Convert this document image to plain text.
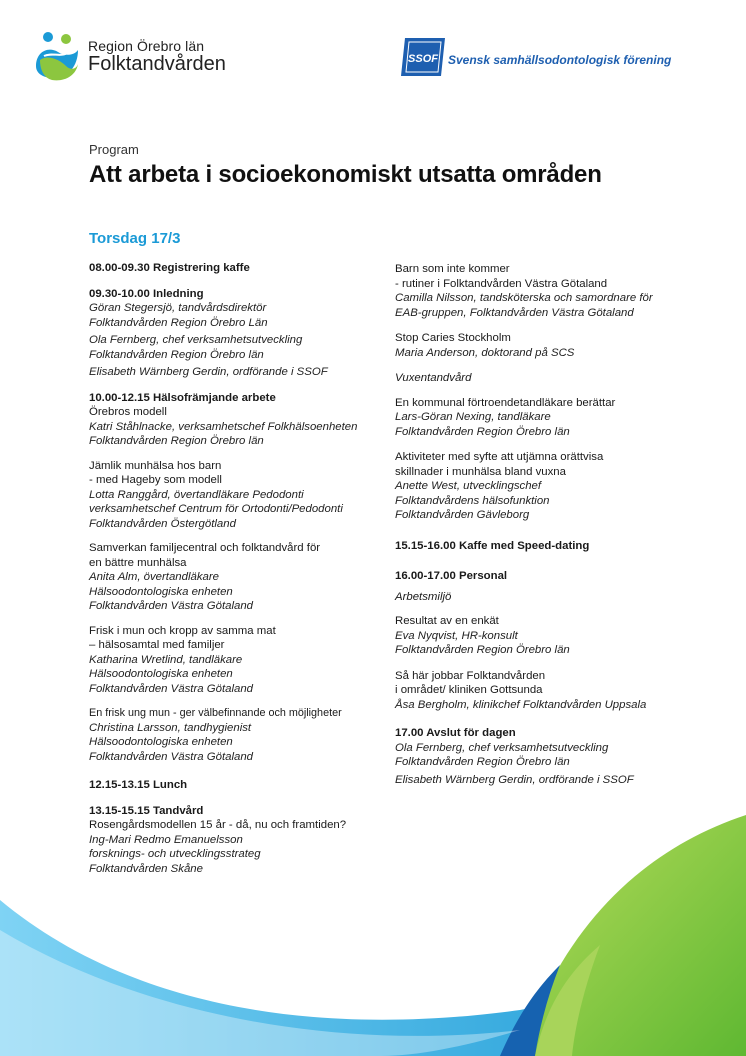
Region Örebro län
Folktandvården	SSOF Svensk samhällsodontologisk förening

Program

Att arbeta i socioekonomiskt utsatta områden
Torsdag 17/3
08.00-09.30 Registrering kaffe
09.30-10.00 Inledning
Göran Stegersjö, tandvårdsdirektör
Folktandvården Region Örebro Län
Ola Fernberg, chef verksamhetsutveckling
Folktandvården Region Örebro län
Elisabeth Wärnberg Gerdin, ordförande i SSOF
10.00-12.15 Hälsofrämjande arbete
Örebros modell
Katri Ståhlnacke, verksamhetschef Folkhälsoenheten
Folktandvården Region Örebro län
Jämlik munhälsa hos barn
- med Hageby som modell
Lotta Ranggård, övertandläkare Pedodonti
verksamhetschef Centrum för Ortodonti/Pedodonti
Folktandvården Östergötland
Samverkan familjecentral och folktandvård för
en bättre munhälsa
Anita Alm, övertandläkare
Hälsoodontologiska enheten
Folktandvården Västra Götaland
Frisk i mun och kropp av samma mat
– hälsosamtal med familjer
Katharina Wretlind, tandläkare
Hälsoodontologiska enheten
Folktandvården Västra Götaland
En frisk ung mun - ger välbefinnande och möjligheter
Christina Larsson, tandhygienist
Hälsoodontologiska enheten
Folktandvården Västra Götaland
12.15-13.15 Lunch
13.15-15.15 Tandvård
Rosengårdsmodellen 15 år - då, nu och framtiden?
Ing-Mari Redmo Emanuelsson
forsknings- och utvecklingsstrateg
Folktandvården Skåne
Barn som inte kommer
- rutiner i Folktandvården Västra Götaland
Camilla Nilsson, tandsköterska och samordnare för
EAB-gruppen, Folktandvården Västra Götaland
Stop Caries Stockholm
Maria Anderson, doktorand på SCS
Vuxentandvård
En kommunal förtroendetandläkare berättar
Lars-Göran Nexing, tandläkare
Folktandvården Region Örebro län
Aktiviteter med syfte att utjämna orättvisa
skillnader i munhälsa bland vuxna
Anette West, utvecklingschef
Folktandvårdens hälsofunktion
Folktandvården Gävleborg
15.15-16.00 Kaffe med Speed-dating
16.00-17.00 Personal
Arbetsmiljö
Resultat av en enkät
Eva Nyqvist, HR-konsult
Folktandvården Region Örebro län
Så här jobbar Folktandvården
i området/ kliniken Gottsunda
Åsa Bergholm, klinikchef Folktandvården Uppsala
17.00 Avslut för dagen
Ola Fernberg, chef verksamhetsutveckling
Folktandvården Region Örebro län
Elisabeth Wärnberg Gerdin, ordförande i SSOF
